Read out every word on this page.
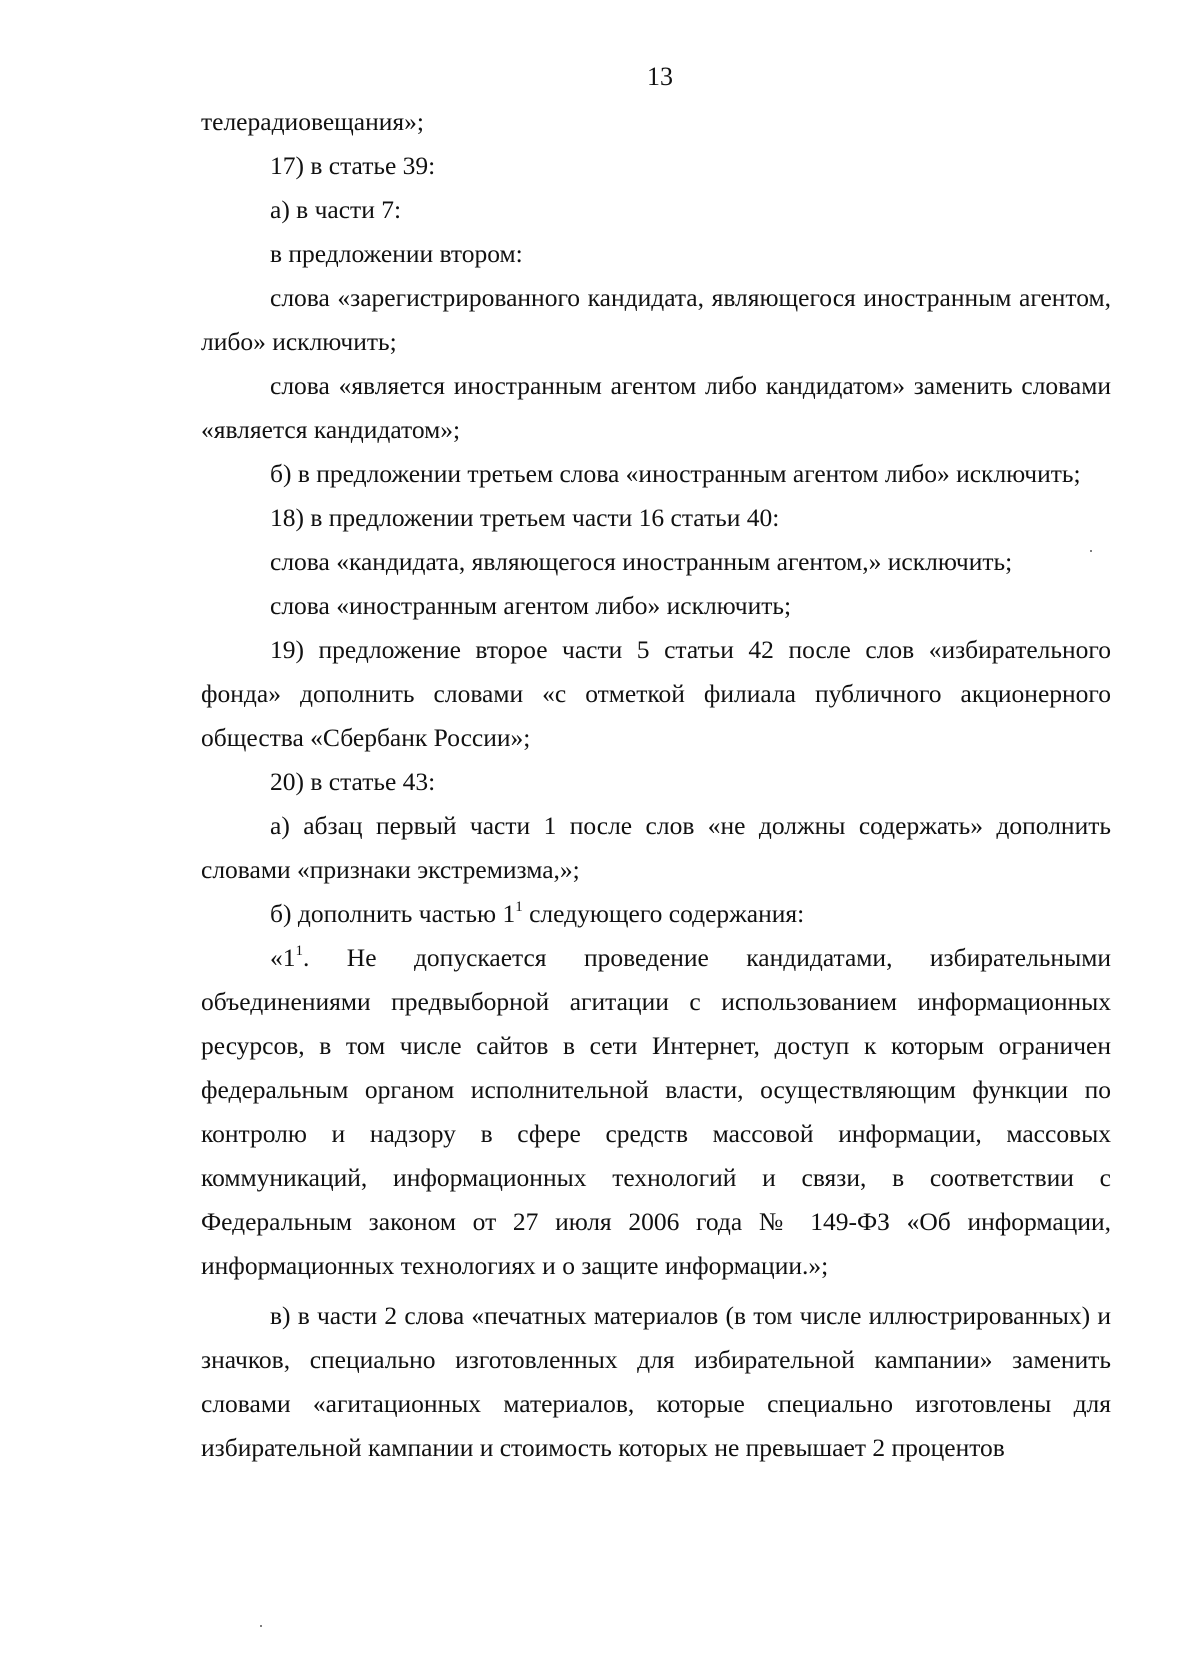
13

телерадиовещания»;

17) в статье 39:

а) в части 7:

в предложении втором:

слова «зарегистрированного кандидата, являющегося иностранным агентом, либо» исключить;

слова «является иностранным агентом либо кандидатом» заменить словами «является кандидатом»;

б) в предложении третьем слова «иностранным агентом либо» исключить;

18) в предложении третьем части 16 статьи 40:

слова «кандидата, являющегося иностранным агентом,» исключить;

слова «иностранным агентом либо» исключить;

19) предложение второе части 5 статьи 42 после слов «избирательного фонда» дополнить словами «с отметкой филиала публичного акционерного общества «Сбербанк России»;

20) в статье 43:

а) абзац первый части 1 после слов «не должны содержать» дополнить словами «признаки экстремизма,»;

б) дополнить частью $1^1$ следующего содержания:

«$1^1$. Не допускается проведение кандидатами, избирательными объединениями предвыборной агитации с использованием информационных ресурсов, в том числе сайтов в сети Интернет, доступ к которым ограничен федеральным органом исполнительной власти, осуществляющим функции по контролю и надзору в сфере средств массовой информации, массовых коммуникаций, информационных технологий и связи, в соответствии с Федеральным законом от 27 июля 2006 года № 149-ФЗ «Об информации, информационных технологиях и о защите информации.»;

в) в части 2 слова «печатных материалов (в том числе иллюстрированных) и значков, специально изготовленных для избирательной кампании» заменить словами «агитационных материалов, которые специально изготовлены для избирательной кампании и стоимость которых не превышает 2 процентов
